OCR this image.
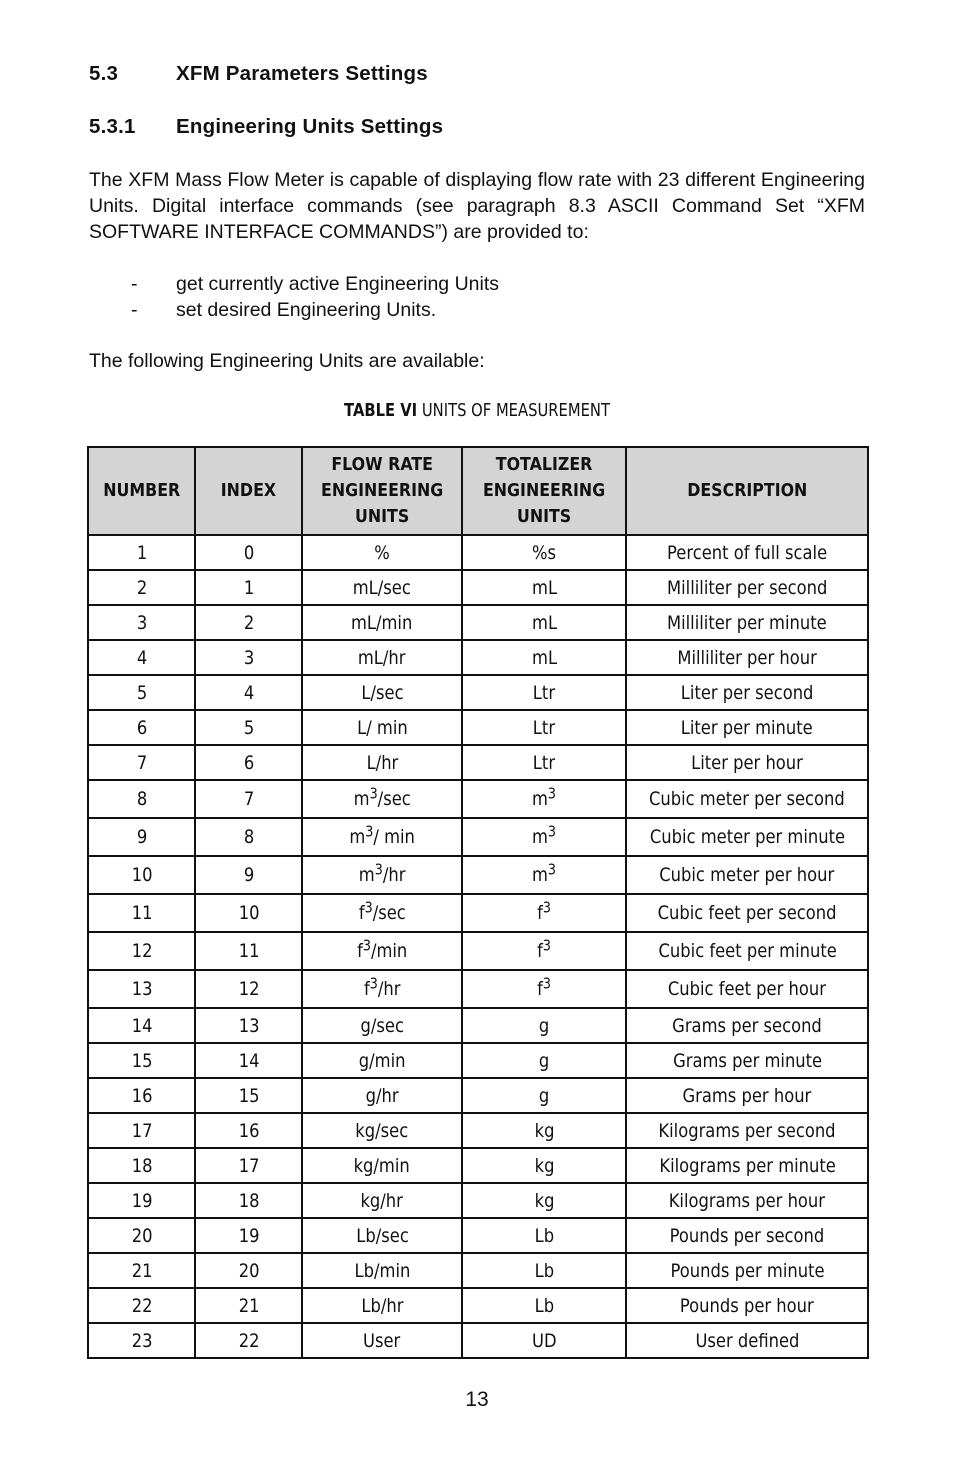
5.3	XFM Parameters Settings
5.3.1 Engineering Units Settings
The XFM Mass Flow Meter is capable of displaying flow rate with 23 different Engineering Units. Digital interface commands (see paragraph 8.3 ASCII Command Set “XFM SOFTWARE INTERFACE COMMANDS”) are provided to:
-	get currently active Engineering Units
-	set desired Engineering Units.
The following Engineering Units are available:
TABLE VI UNITS OF MEASUREMENT
NUMBER	INDEX	FLOW RATE ENGINEERING UNITS	TOTALIZER ENGINEERING UNITS	DESCRIPTION
1	0	%	%s	Percent of full scale
2	1	mL/sec	mL	Milliliter per second
3	2	mL/min	mL	Milliliter per minute
4	3	mL/hr	mL	Milliliter per hour
5	4	L/sec	Ltr	Liter per second
6	5	L/ min	Ltr	Liter per minute
7	6	L/hr	Ltr	Liter per hour
8	7	$m^3/\sec$	$m^3$	Cubic meter per second
9	8	$m^3/$ min	$m^3$	Cubic meter per minute
10	9	$m^3/hr$	$m^3$	Cubic meter per hour
11	10	$f^3/\sec$	$f^3$	Cubic feet per second
12	11	$f^3/\min$	$f^3$	Cubic feet per minute
13	12	$f^3/hr$	$f^3$	Cubic feet per hour
14	13	g/sec	g	Grams per second
15	14	g/min	g	Grams per minute
16	15	g/hr	g	Grams per hour
17	16	kg/sec	kg	Kilograms per second
18	17	kg/min	kg	Kilograms per minute
19	18	kg/hr	kg	Kilograms per hour
20	19	Lb/sec	Lb	Pounds per second
21	20	Lb/min	Lb	Pounds per minute
22	21	Lb/hr	Lb	Pounds per hour
23	22	User	UD	User defined
13
